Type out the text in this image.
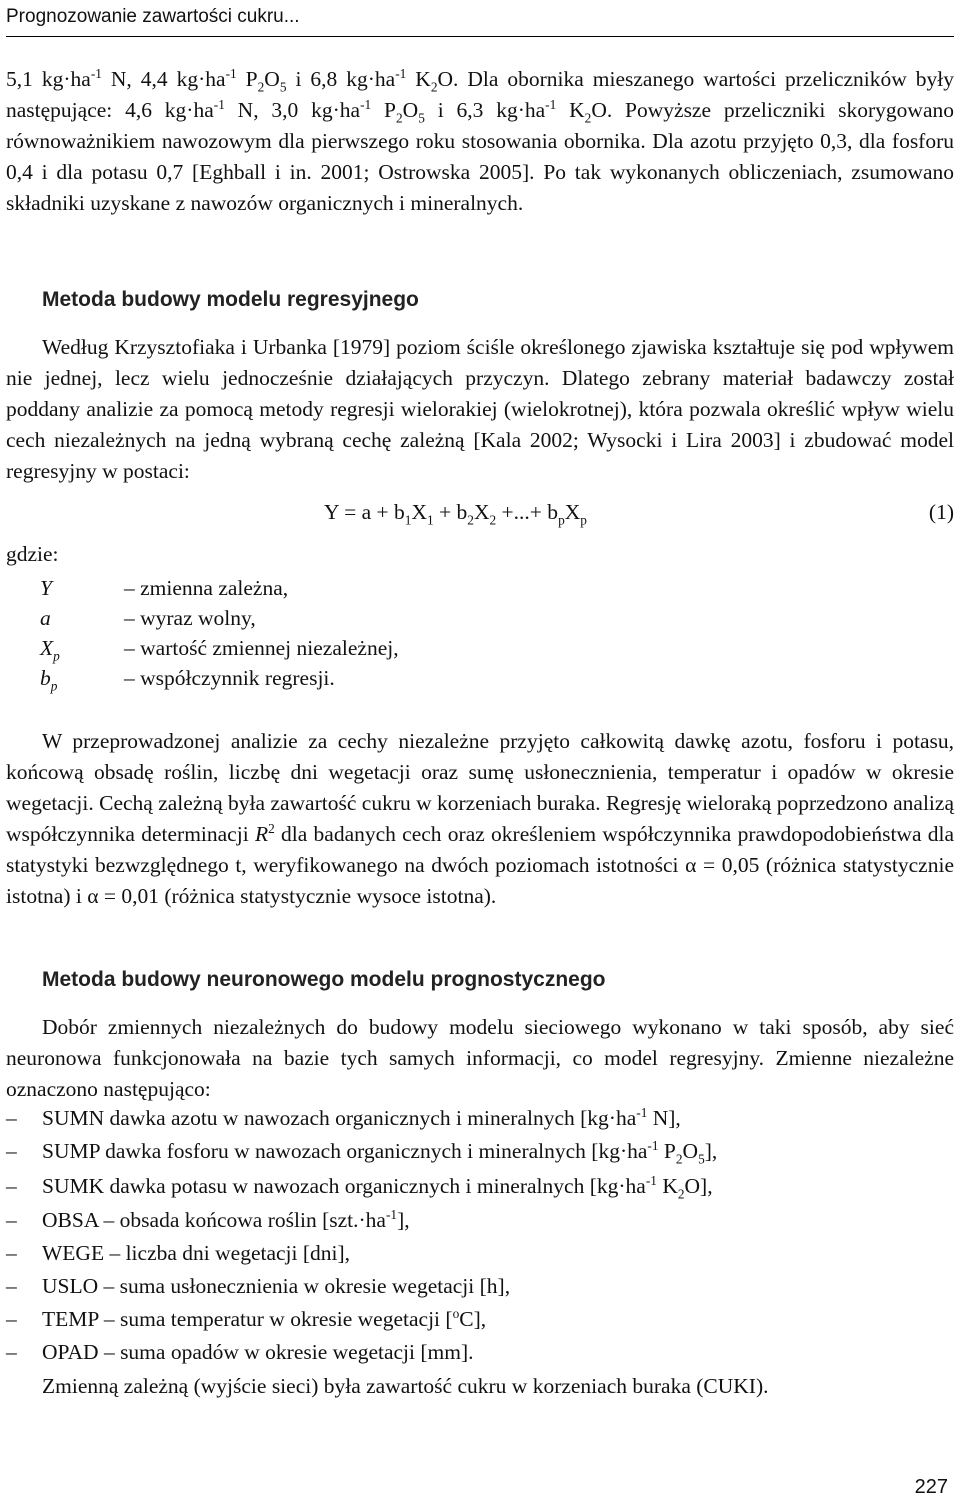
Prognozowanie zawartości cukru...

5,1 $kg\cdot ha^{-1}$ N, 4,4 $kg\cdot ha^{-1}$ $P_2O_5$ i 6,8 $kg\cdot ha^{-1}$ $K_2O$. Dla obornika mieszanego wartości przeliczników były następujące: 4,6 $kg\cdot ha^{-1}$ N, 3,0 $kg\cdot ha^{-1}$ $P_2O_5$ i 6,3 $kg\cdot ha^{-1}$ $K_2O$. Powyższe przeliczniki skorygowano równoważnikiem nawozowym dla pierwszego roku stosowania obornika. Dla azotu przyjęto 0,3, dla fosforu 0,4 i dla potasu 0,7 [Eghball i in. 2001; Ostrowska 2005]. Po tak wykonanych obliczeniach, zsumowano składniki uzyskane z nawozów organicznych i mineralnych.

Metoda budowy modelu regresyjnego

Według Krzysztofiaka i Urbanka [1979] poziom ściśle określonego zjawiska kształtuje się pod wpływem nie jednej, lecz wielu jednocześnie działających przyczyn. Dlatego zebrany materiał badawczy został poddany analizie za pomocą metody regresji wielorakiej (wielokrotnej), która pozwala określić wpływ wielu cech niezależnych na jedną wybraną cechę zależną [Kala 2002; Wysocki i Lira 2003] i zbudować model regresyjny w postaci:

$Y = a + b_1X_1 + b_2X_2$ +...+ $b_pX_p$	(1)
gdzie:
Y	– zmienna zależna,
a	– wyraz wolny,
$X_p$	– wartość zmiennej niezależnej,
$b_p$	– współczynnik regresji.

W przeprowadzonej analizie za cechy niezależne przyjęto całkowitą dawkę azotu, fosforu i potasu, końcową obsadę roślin, liczbę dni wegetacji oraz sumę usłonecznienia, temperatur i opadów w okresie wegetacji. Cechą zależną była zawartość cukru w korzeniach buraka. Regresję wieloraką poprzedzono analizą współczynnika determinacji $R^2$ dla badanych cech oraz określeniem współczynnika prawdopodobieństwa dla statystyki bezwzględnego t, weryfikowanego na dwóch poziomach istotności α = 0,05 (różnica statystycznie istotna) i α = 0,01 (różnica statystycznie wysoce istotna).

Metoda budowy neuronowego modelu prognostycznego

Dobór zmiennych niezależnych do budowy modelu sieciowego wykonano w taki sposób, aby sieć neuronowa funkcjonowała na bazie tych samych informacji, co model regresyjny. Zmienne niezależne oznaczono następująco:

– SUMN dawka azotu w nawozach organicznych i mineralnych [$kg\cdot ha^{-1}$ N],
– SUMP dawka fosforu w nawozach organicznych i mineralnych [$kg\cdot ha^{-1}$ $P_2O_5$],
– SUMK dawka potasu w nawozach organicznych i mineralnych [$kg\cdot ha^{-1}$ $K_2O$],
– OBSA – obsada końcowa roślin $[szt.\cdot ha^{-1}]$,
– WEGE – liczba dni wegetacji [dni],
– USLO – suma usłonecznienia w okresie wegetacji [h],
– TEMP – suma temperatur w okresie wegetacji [$^o$C],
– OPAD – suma opadów w okresie wegetacji [mm].
Zmienną zależną (wyjście sieci) była zawartość cukru w korzeniach buraka (CUKI).
227
